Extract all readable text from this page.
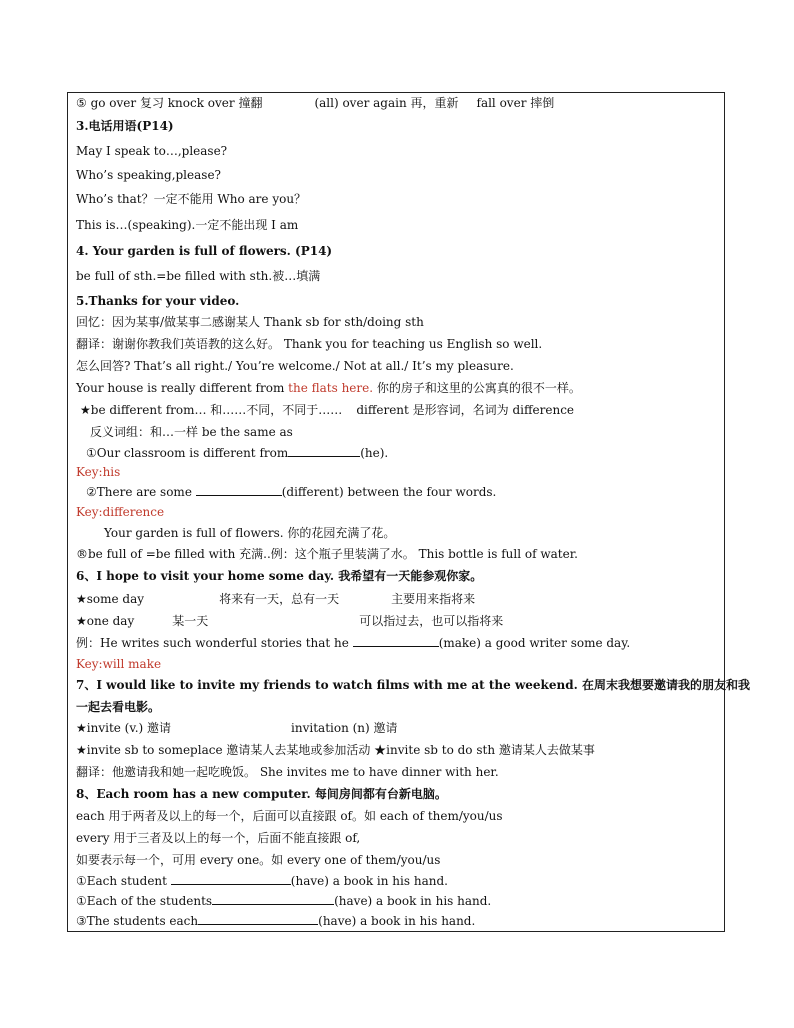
⑤ go over 复习 knock over 撞翻	(all) over again 再，重新 fall over 摔倒
3.电话用语(P14)
May I speak to…,please?
Who’s speaking,please?
Who’s that？一定不能用 Who are you？
This is…(speaking).一定不能出现 I am
4. Your garden is full of flowers. (P14)
be full of sth.=be filled with sth.被…填满
5.Thanks for your video.
回忆：因为某事/做某事二感谢某人 Thank sb for sth/doing sth
翻译：谢谢你教我们英语教的这么好。 Thank you for teaching us English so well.
怎么回答? That’s all right./ You’re welcome./ Not at all./ It’s my pleasure.
Your house is really different from the flats here. 你的房子和这里的公寓真的很不一样。
★be different from… 和……不同，不同于…… different 是形容词，名词为 difference
反义词组：和…一样 be the same as
①Our classroom is different from	(he).
Key:his
②There are some	(different) between the four words.
Key:difference
Your garden is full of flowers. 你的花园充满了花。
®be full of =be filled with 充满..例：这个瓶子里装满了水。 This bottle is full of water.
6、I hope to visit your home some day. 我希望有一天能参观你家。
★some day	将来有一天，总有一天	主要用来指将来
★one day	某一天	可以指过去，也可以指将来
例：He writes such wonderful stories that he	(make) a good writer some day.
Key:will make
7、I would like to invite my friends to watch films with me at the weekend. 在周末我想要邀请我的朋友和我
一起去看电影。
★invite (v.) 邀请	invitation (n) 邀请
★invite sb to someplace 邀请某人去某地或参加活动 ★invite sb to do sth 邀请某人去做某事
翻译：他邀请我和她一起吃晚饭。 She invites me to have dinner with her.
8、Each room has a new computer. 每间房间都有台新电脑。
each 用于两者及以上的每一个，后面可以直接跟 of。如 each of them/you/us
every 用于三者及以上的每一个，后面不能直接跟 of,
如要表示每一个，可用 every one。如 every one of them/you/us
①Each student	(have) a book in his hand.
①Each of the students	(have) a book in his hand.
③The students each	(have) a book in his hand.
